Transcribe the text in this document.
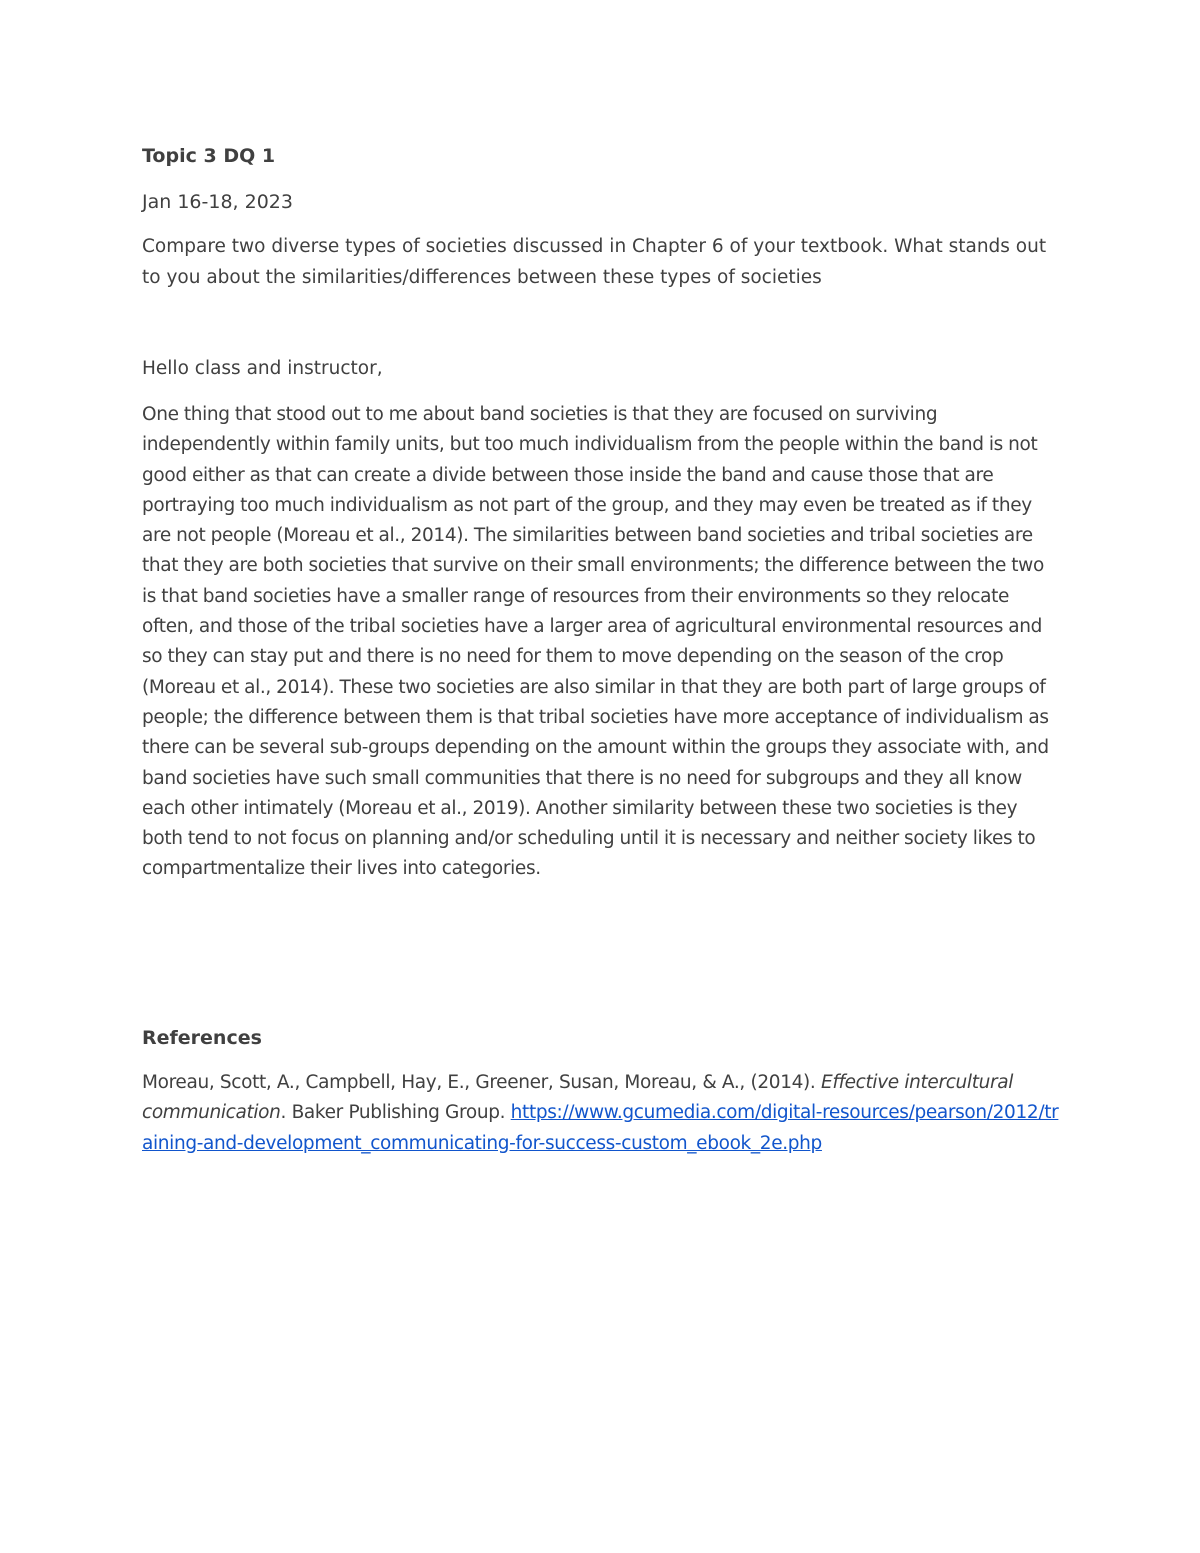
Topic 3 DQ 1
Jan 16-18, 2023

Compare two diverse types of societies discussed in Chapter 6 of your textbook. What stands out to you about the similarities/differences between these types of societies

Hello class and instructor,

One thing that stood out to me about band societies is that they are focused on surviving independently within family units, but too much individualism from the people within the band is not good either as that can create a divide between those inside the band and cause those that are portraying too much individualism as not part of the group, and they may even be treated as if they are not people (Moreau et al., 2014). The similarities between band societies and tribal societies are that they are both societies that survive on their small environments; the difference between the two is that band societies have a smaller range of resources from their environments so they relocate often, and those of the tribal societies have a larger area of agricultural environmental resources and so they can stay put and there is no need for them to move depending on the season of the crop (Moreau et al., 2014). These two societies are also similar in that they are both part of large groups of people; the difference between them is that tribal societies have more acceptance of individualism as there can be several sub-groups depending on the amount within the groups they associate with, and band societies have such small communities that there is no need for subgroups and they all know each other intimately (Moreau et al., 2019). Another similarity between these two societies is they both tend to not focus on planning and/or scheduling until it is necessary and neither society likes to compartmentalize their lives into categories.

References

Moreau, Scott, A., Campbell, Hay, E., Greener, Susan, Moreau, & A., (2014). Effective intercultural communication. Baker Publishing Group. https://www.gcumedia.com/digital-resources/pearson/2012/training-and-development_communicating-for-success-custom_ebook_2e.php
